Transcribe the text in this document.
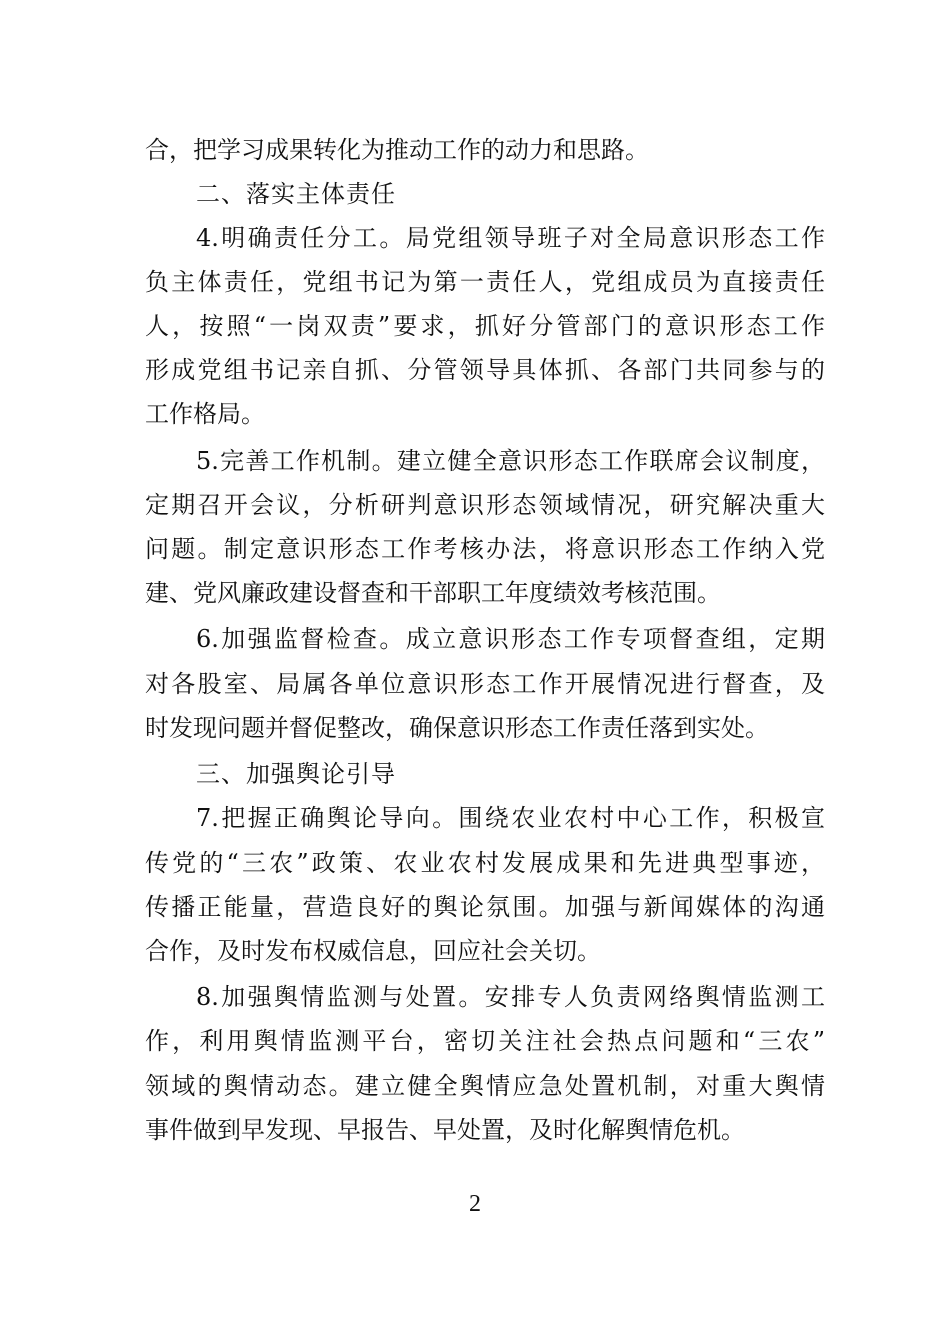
合，把学习成果转化为推动工作的动力和思路。
二、落实主体责任
4.明确责任分工。局党组领导班子对全局意识形态工作
负主体责任，党组书记为第一责任人，党组成员为直接责任
人，按照“一岗双责”要求，抓好分管部门的意识形态工作
形成党组书记亲自抓、分管领导具体抓、各部门共同参与的
工作格局。
5.完善工作机制。建立健全意识形态工作联席会议制度，
定期召开会议，分析研判意识形态领域情况，研究解决重大
问题。制定意识形态工作考核办法，将意识形态工作纳入党
建、党风廉政建设督查和干部职工年度绩效考核范围。
6.加强监督检查。成立意识形态工作专项督查组，定期
对各股室、局属各单位意识形态工作开展情况进行督查，及
时发现问题并督促整改，确保意识形态工作责任落到实处。
三、加强舆论引导
7.把握正确舆论导向。围绕农业农村中心工作，积极宣
传党的“三农”政策、农业农村发展成果和先进典型事迹，
传播正能量，营造良好的舆论氛围。加强与新闻媒体的沟通
合作，及时发布权威信息，回应社会关切。
8.加强舆情监测与处置。安排专人负责网络舆情监测工
作，利用舆情监测平台，密切关注社会热点问题和“三农”
领域的舆情动态。建立健全舆情应急处置机制，对重大舆情
事件做到早发现、早报告、早处置，及时化解舆情危机。
2
